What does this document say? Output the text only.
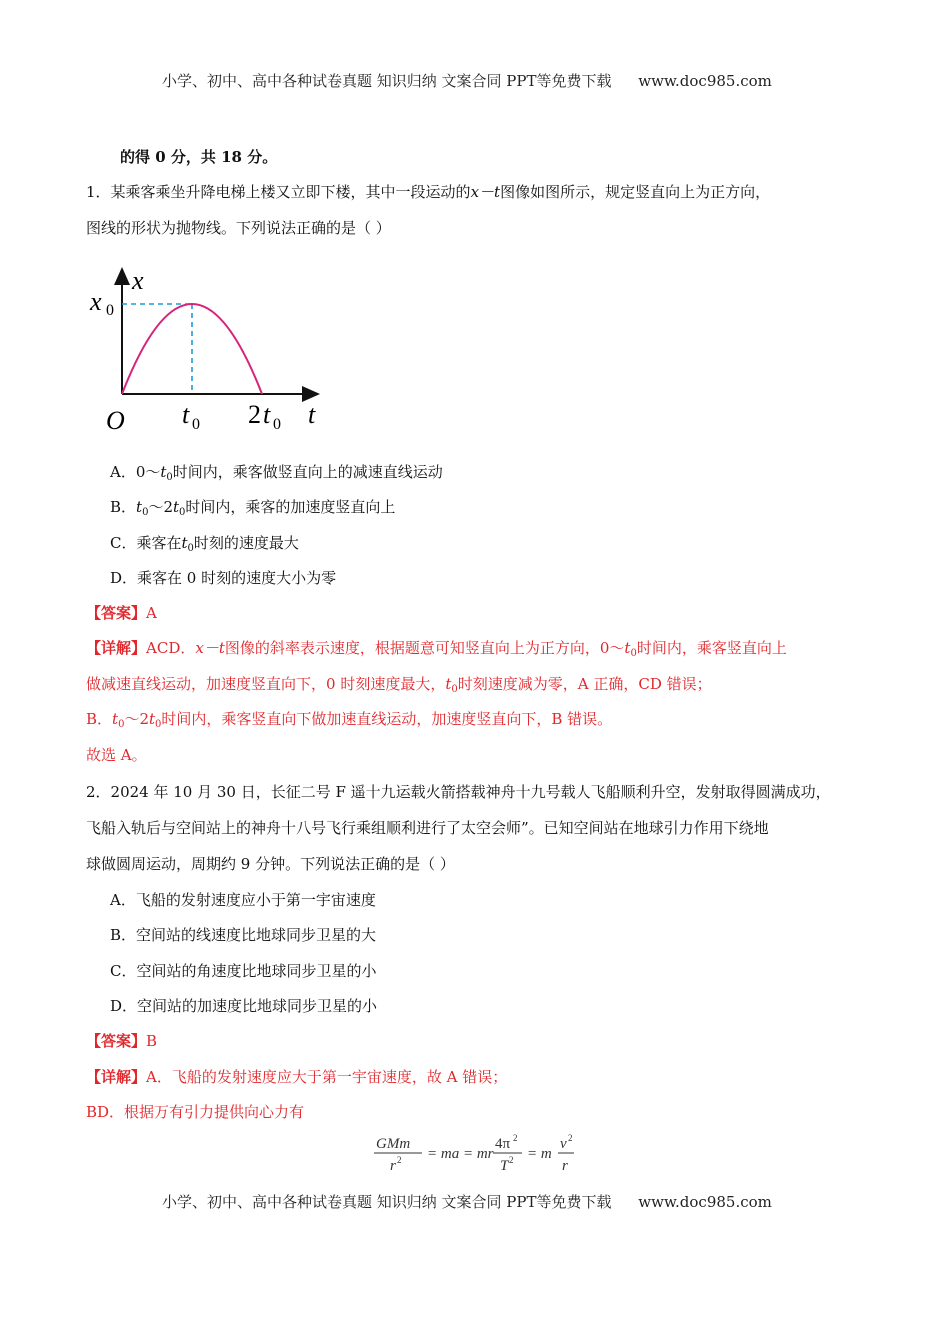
小学、初中、高中各种试卷真题 知识归纳 文案合同 PPT等免费下载 www.doc985.com
的得 0 分，共 18 分。
1．某乘客乘坐升降电梯上楼又立即下楼，其中一段运动的x－t图像如图所示，规定竖直向上为正方向，
图线的形状为抛物线。下列说法正确的是（ ）
x
t
O
x 0
t 0 2 t 0
A．$0\sim t_0$时间内，乘客做竖直向上的减速直线运动
B．$t_0\sim 2t_0$时间内，乘客的加速度竖直向上
C．乘客在$t_0$时刻的速度最大
D．乘客在 0 时刻的速度大小为零
【答案】A
【详解】ACD．x－t图像的斜率表示速度，根据题意可知竖直向上为正方向，$0\sim t_0$时间内，乘客竖直向上
做减速直线运动，加速度竖直向下，0 时刻速度最大，$t_0$时刻速度减为零，A 正确，CD 错误；
B．$t_0\sim 2t_0$时间内，乘客竖直向下做加速直线运动，加速度竖直向下，B 错误。
故选 A。
2．2024 年 10 月 30 日，长征二号 F 遥十九运载火箭搭载神舟十九号载人飞船顺利升空，发射取得圆满成功，
飞船入轨后与空间站上的神舟十八号飞行乘组顺利进行了太空会师”。已知空间站在地球引力作用下绕地
球做圆周运动，周期约 9 分钟。下列说法正确的是（ ）
A．飞船的发射速度应小于第一宇宙速度
B．空间站的线速度比地球同步卫星的大
C．空间站的角速度比地球同步卫星的小
D．空间站的加速度比地球同步卫星的小
【答案】B
【详解】A．飞船的发射速度应大于第一宇宙速度，故 A 错误；
BD．根据万有引力提供向心力有
GMm
r 2 = ma = mr
4π 2
T 2 = m
v 2
r
小学、初中、高中各种试卷真题 知识归纳 文案合同 PPT等免费下载 www.doc985.com
